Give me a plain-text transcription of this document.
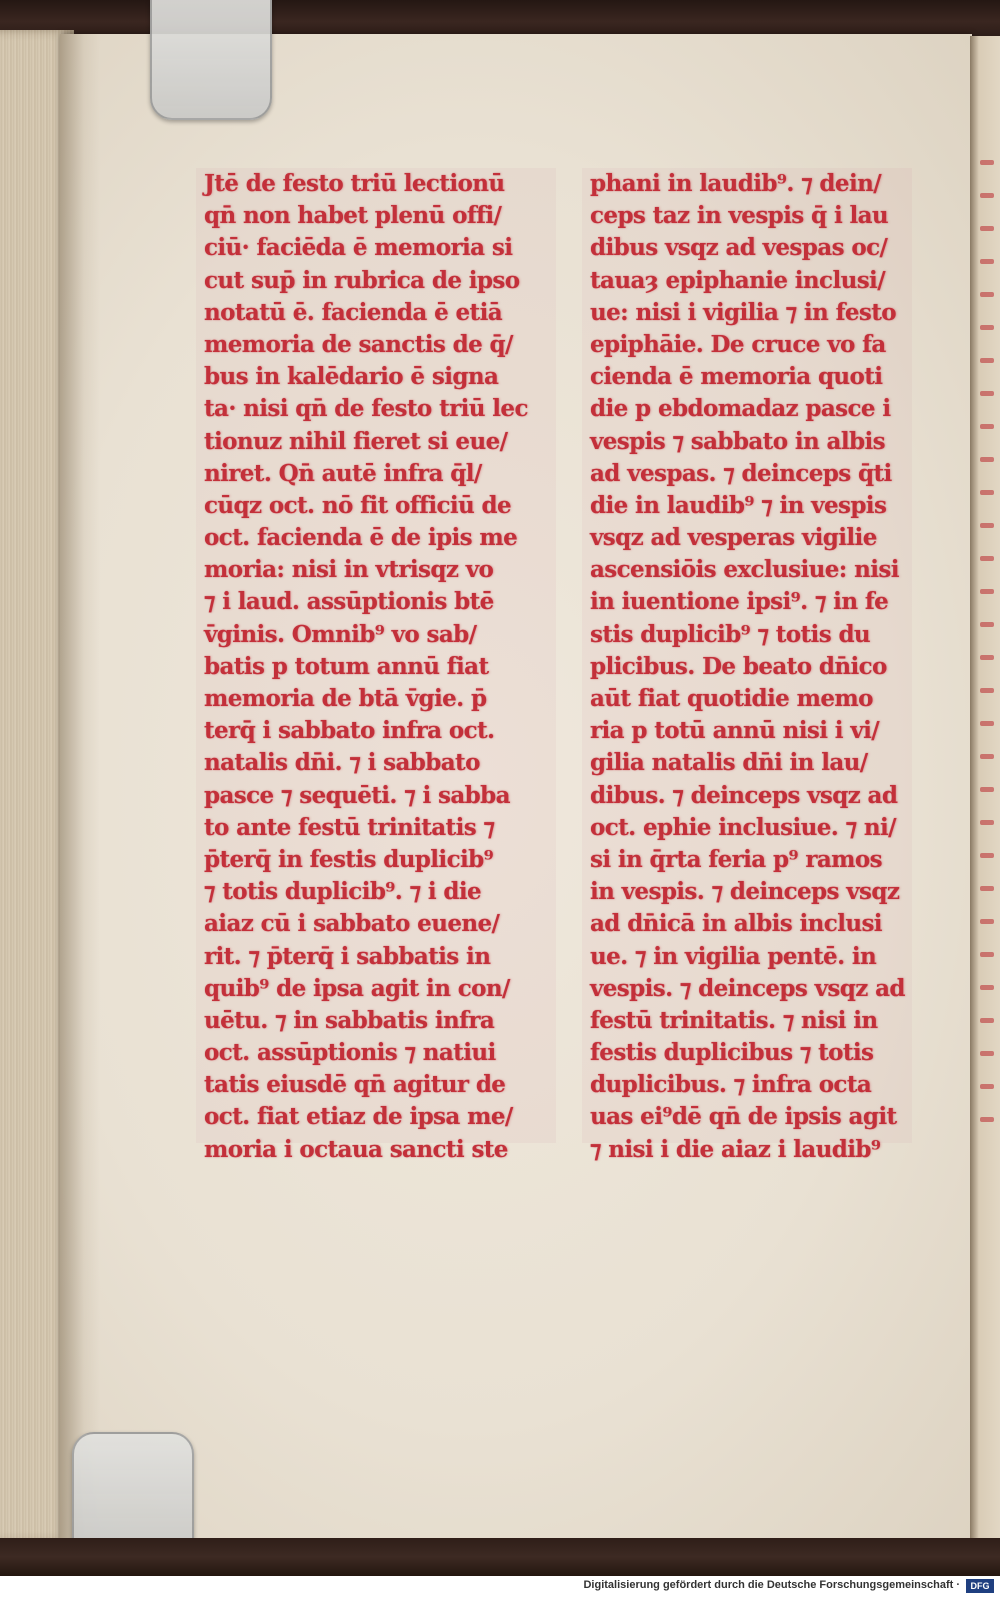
Jtē de festo triū lectionū
qn̄ non habet plenū offi/
ciū· faciēda ē memoria si
cut sup̄ in rubrica de ipso
notatū ē. facienda ē etiā
memoria de sanctis de q̄/
bus in kalēdario ē signa
ta· nisi qn̄ de festo triū lec
tionuz nihil fieret si eue/
niret. Qn̄ autē infra q̄l/
cūqz oct. nō fit officiū de
oct. facienda ē de ipis me
moria: nisi in vtrisqz vo
⁊ i laud. assūptionis btē
v̄ginis. Omnib⁹ vo sab/
batis p totum annū fiat
memoria de btā v̄gie. p̄
terq̄ i sabbato infra oct.
natalis dn̄i. ⁊ i sabbato
pasce ⁊ sequēti. ⁊ i sabba
to ante festū trinitatis ⁊
p̄terq̄ in festis duplicib⁹
⁊ totis duplicib⁹. ⁊ i die
aiaz cū i sabbato euene/
rit. ⁊ p̄terq̄ i sabbatis in
quib⁹ de ipsa agit in con/
uētu. ⁊ in sabbatis infra
oct. assūptionis ⁊ natiui
tatis eiusdē qn̄ agitur de
oct. fiat etiaz de ipsa me/
moria i octaua sancti ste
phani in laudib⁹. ⁊ dein/
ceps taz in vespis q̄ i lau
dibus vsqz ad vespas oc/
tauaȝ epiphanie inclusi/
ue: nisi i vigilia ⁊ in festo
epiphāie. De cruce vo fa
cienda ē memoria quoti
die p ebdomadaz pasce i
vespis ⁊ sabbato in albis
ad vespas. ⁊ deinceps q̄ti
die in laudib⁹ ⁊ in vespis
vsqz ad vesperas vigilie
ascensiōis exclusiue: nisi
in iuentione ipsi⁹. ⁊ in fe
stis duplicib⁹ ⁊ totis du
plicibus. De beato dn̄ico
aūt fiat quotidie memo
ria p totū annū nisi i vi/
gilia natalis dn̄i in lau/
dibus. ⁊ deinceps vsqz ad
oct. ephie inclusiue. ⁊ ni/
si in q̄rta feria p⁹ ramos
in vespis. ⁊ deinceps vsqz
ad dn̄icā in albis inclusi
ue. ⁊ in vigilia pentē. in
vespis. ⁊ deinceps vsqz ad
festū trinitatis. ⁊ nisi in
festis duplicibus ⁊ totis
duplicibus. ⁊ infra octa
uas ei⁹dē qn̄ de ipsis agit
⁊ nisi i die aiaz i laudib⁹
Digitalisierung gefördert durch die Deutsche Forschungsgemeinschaft ·	DFG
